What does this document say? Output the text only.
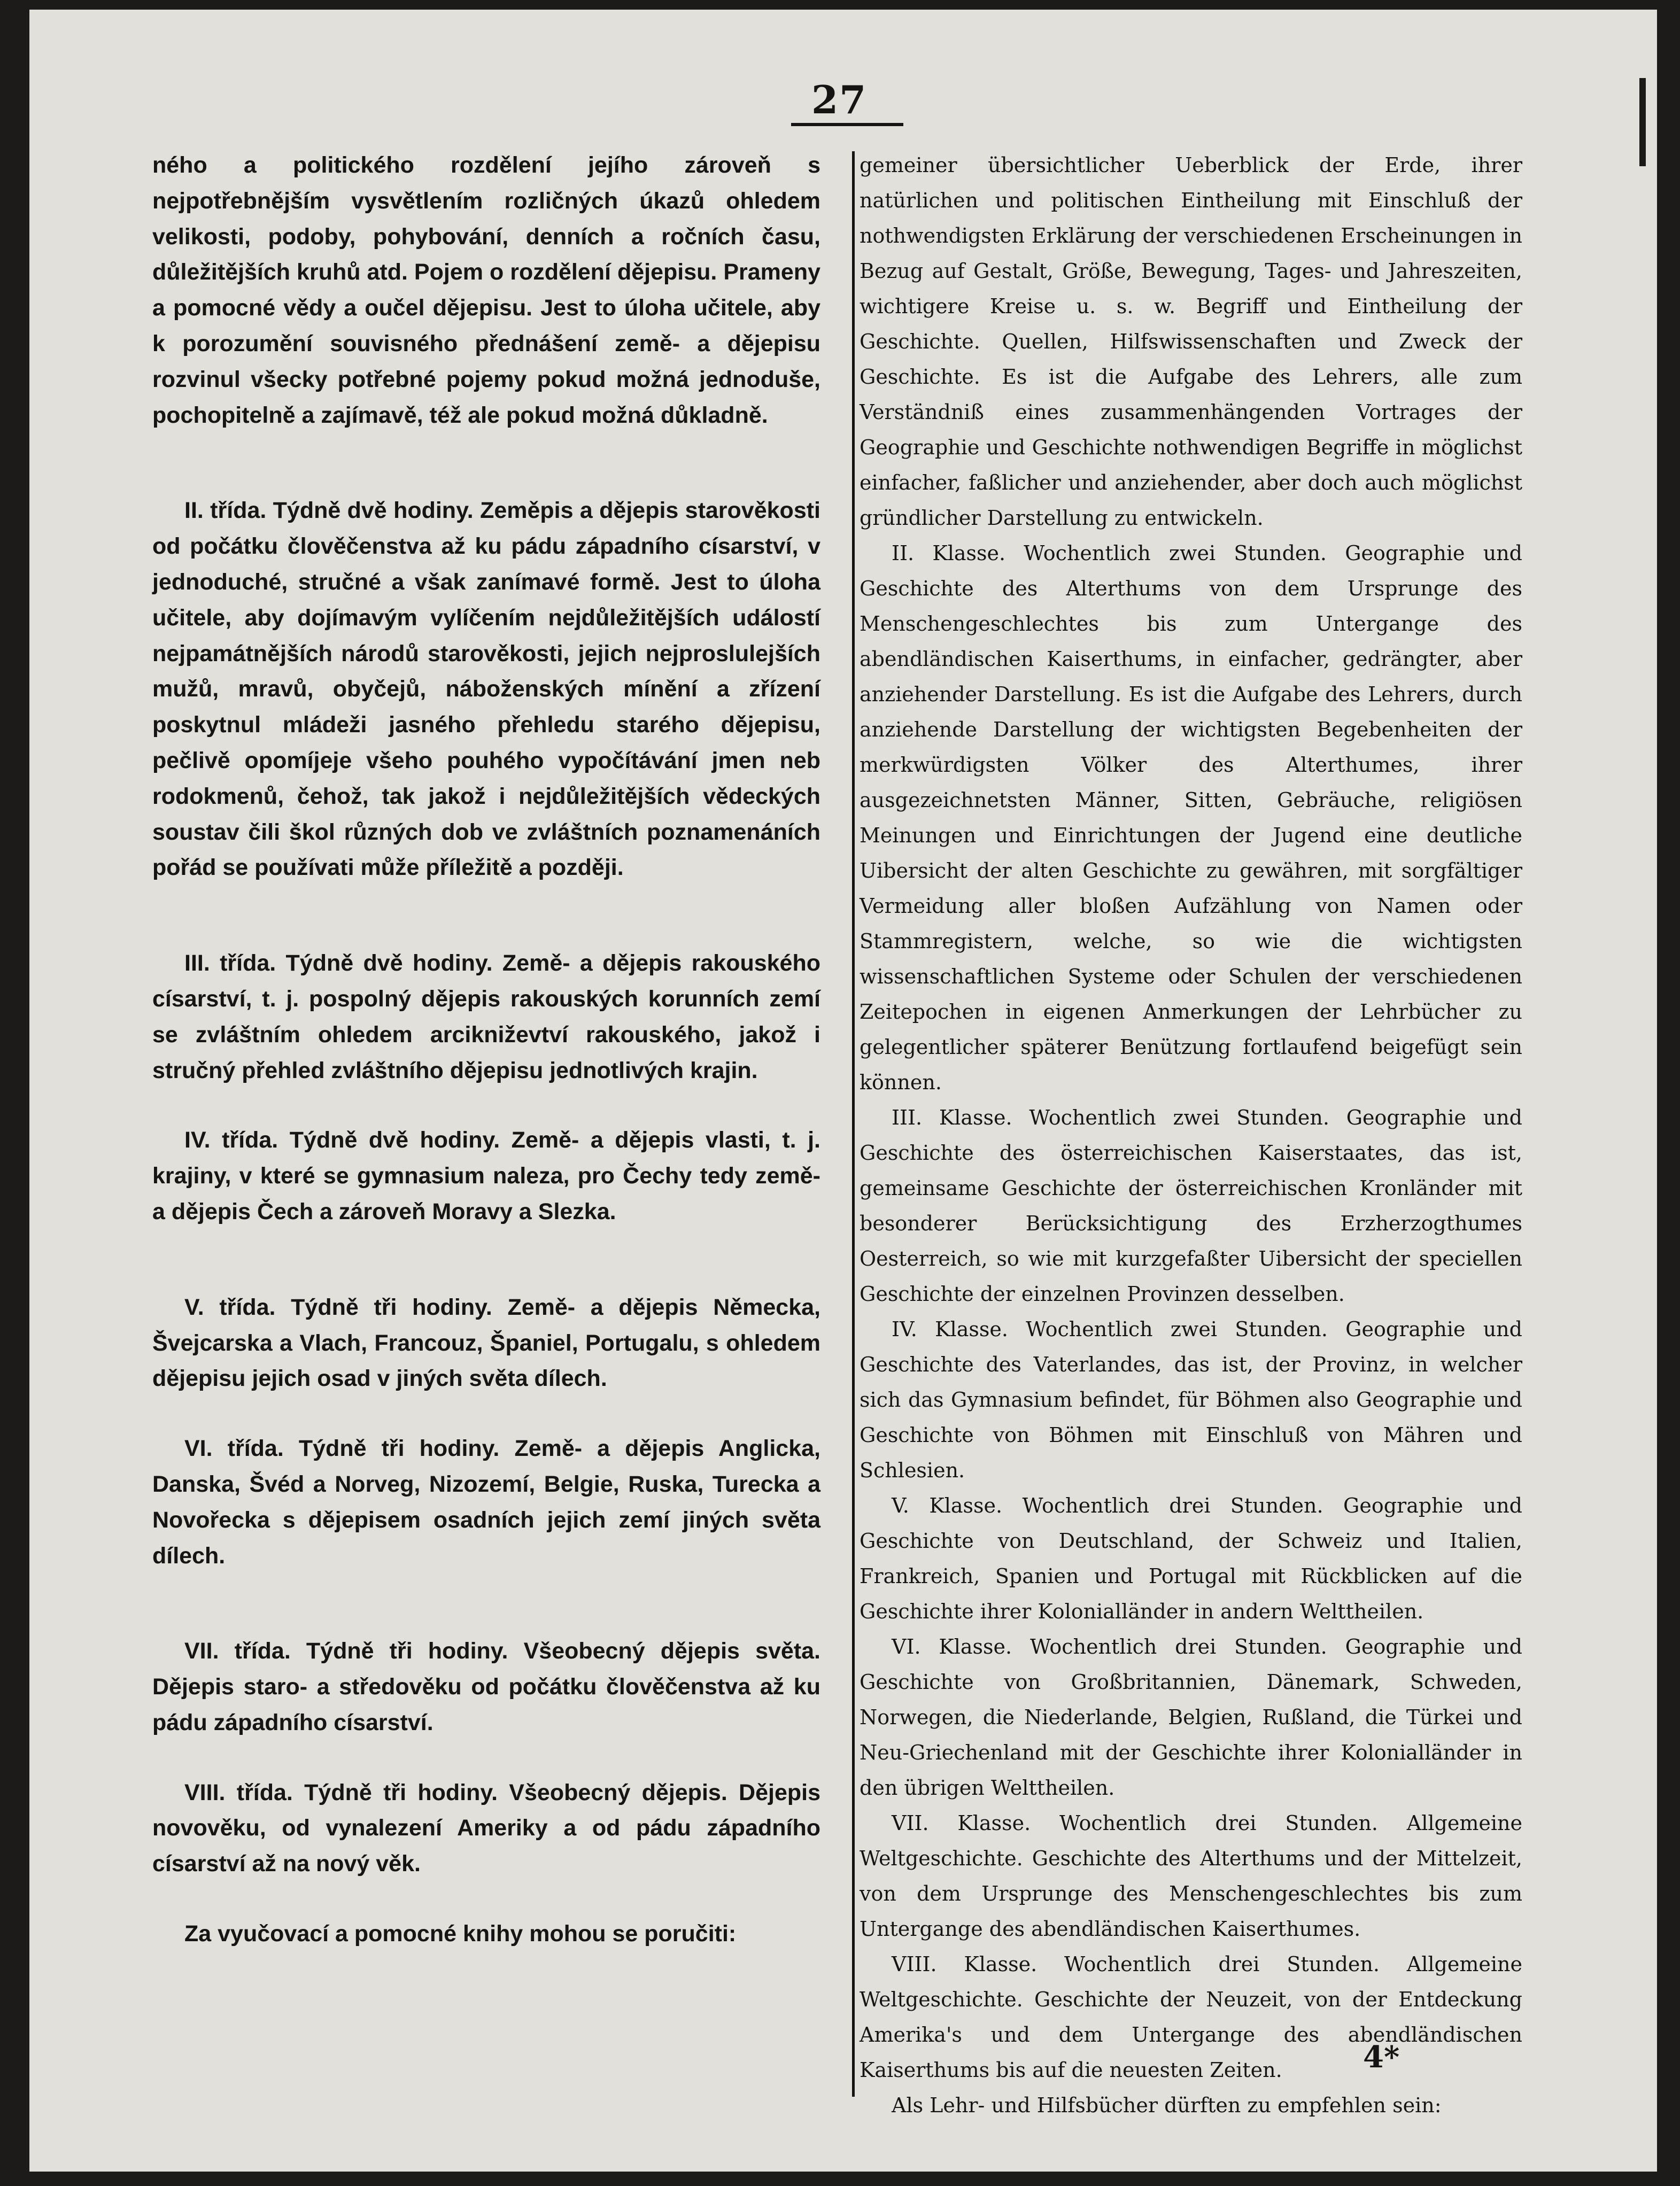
27

ného a politického rozdělení jejího zároveň s nejpotřebnějším vysvětlením rozličných úkazů ohledem velikosti, podoby, pohybování, denních a ročních času, důležitějších kruhů atd. Pojem o rozdělení dějepisu. Prameny a pomocné vědy a oučel dějepisu. Jest to úloha učitele, aby k porozumění souvisného přednášení země- a dějepisu rozvinul všecky potřebné pojemy pokud možná jednoduše, pochopitelně a zajímavě, též ale pokud možná důkladně.

II. třída. Týdně dvě hodiny. Zeměpis a dějepis starověkosti od počátku člověčenstva až ku pádu západního císarství, v jednoduché, stručné a však zanímavé formě. Jest to úloha učitele, aby dojímavým vylíčením nejdůležitějších událostí nejpamátnějších národů starověkosti, jejich nejproslulejších mužů, mravů, obyčejů, náboženských mínění a zřízení poskytnul mládeži jasného přehledu starého dějepisu, pečlivě opomíjeje všeho pouhého vypočítávání jmen neb rodokmenů, čehož, tak jakož i nejdůležitějších vědeckých soustav čili škol různých dob ve zvláštních poznamenáních pořád se používati může příležitě a později.

III. třída. Týdně dvě hodiny. Země- a dějepis rakouského císarství, t. j. pospolný dějepis rakouských korunních zemí se zvláštním ohledem arcikniževtví rakouského, jakož i stručný přehled zvláštního dějepisu jednotlivých krajin.

IV. třída. Týdně dvě hodiny. Země- a dějepis vlasti, t. j. krajiny, v které se gymnasium naleza, pro Čechy tedy země- a dějepis Čech a zároveň Moravy a Slezka.

V. třída. Týdně tři hodiny. Země- a dějepis Německa, Švejcarska a Vlach, Francouz, Španiel, Portugalu, s ohledem dějepisu jejich osad v jiných světa dílech.

VI. třída. Týdně tři hodiny. Země- a dějepis Anglicka, Danska, Švéd a Norveg, Nizozemí, Belgie, Ruska, Turecka a Novořecka s dějepisem osadních jejich zemí jiných světa dílech.

VII. třída. Týdně tři hodiny. Všeobecný dějepis světa. Dějepis staro- a středověku od počátku člověčenstva až ku pádu západního císarství.

VIII. třída. Týdně tři hodiny. Všeobecný dějepis. Dějepis novověku, od vynalezení Ameriky a od pádu západního císarství až na nový věk.

Za vyučovací a pomocné knihy mohou se poručiti:

gemeiner übersichtlicher Ueberblick der Erde, ihrer natürlichen und politischen Eintheilung mit Einschluß der nothwendigsten Erklärung der verschiedenen Erscheinungen in Bezug auf Gestalt, Größe, Bewegung, Tages- und Jahreszeiten, wichtigere Kreise u. s. w. Begriff und Eintheilung der Geschichte. Quellen, Hilfswissenschaften und Zweck der Geschichte. Es ist die Aufgabe des Lehrers, alle zum Verständniß eines zusammenhängenden Vortrages der Geographie und Geschichte nothwendigen Begriffe in möglichst einfacher, faßlicher und anziehender, aber doch auch möglichst gründlicher Darstellung zu entwickeln.

II. Klasse. Wochentlich zwei Stunden. Geographie und Geschichte des Alterthums von dem Ursprunge des Menschengeschlechtes bis zum Untergange des abendländischen Kaiserthums, in einfacher, gedrängter, aber anziehender Darstellung. Es ist die Aufgabe des Lehrers, durch anziehende Darstellung der wichtigsten Begebenheiten der merkwürdigsten Völker des Alterthumes, ihrer ausgezeichnetsten Männer, Sitten, Gebräuche, religiösen Meinungen und Einrichtungen der Jugend eine deutliche Uibersicht der alten Geschichte zu gewähren, mit sorgfältiger Vermeidung aller bloßen Aufzählung von Namen oder Stammregistern, welche, so wie die wichtigsten wissenschaftlichen Systeme oder Schulen der verschiedenen Zeitepochen in eigenen Anmerkungen der Lehrbücher zu gelegentlicher späterer Benützung fortlaufend beigefügt sein können.

III. Klasse. Wochentlich zwei Stunden. Geographie und Geschichte des österreichischen Kaiserstaates, das ist, gemeinsame Geschichte der österreichischen Kronländer mit besonderer Berücksichtigung des Erzherzogthumes Oesterreich, so wie mit kurzgefaßter Uibersicht der speciellen Geschichte der einzelnen Provinzen desselben.

IV. Klasse. Wochentlich zwei Stunden. Geographie und Geschichte des Vaterlandes, das ist, der Provinz, in welcher sich das Gymnasium befindet, für Böhmen also Geographie und Geschichte von Böhmen mit Einschluß von Mähren und Schlesien.

V. Klasse. Wochentlich drei Stunden. Geographie und Geschichte von Deutschland, der Schweiz und Italien, Frankreich, Spanien und Portugal mit Rückblicken auf die Geschichte ihrer Kolonialländer in andern Welttheilen.

VI. Klasse. Wochentlich drei Stunden. Geographie und Geschichte von Großbritannien, Dänemark, Schweden, Norwegen, die Niederlande, Belgien, Rußland, die Türkei und Neu-Griechenland mit der Geschichte ihrer Kolonialländer in den übrigen Welttheilen.

VII. Klasse. Wochentlich drei Stunden. Allgemeine Weltgeschichte. Geschichte des Alterthums und der Mittelzeit, von dem Ursprunge des Menschengeschlechtes bis zum Untergange des abendländischen Kaiserthumes.

VIII. Klasse. Wochentlich drei Stunden. Allgemeine Weltgeschichte. Geschichte der Neuzeit, von der Entdeckung Amerika's und dem Untergange des abendländischen Kaiserthums bis auf die neuesten Zeiten.

Als Lehr- und Hilfsbücher dürften zu empfehlen sein:

4*
